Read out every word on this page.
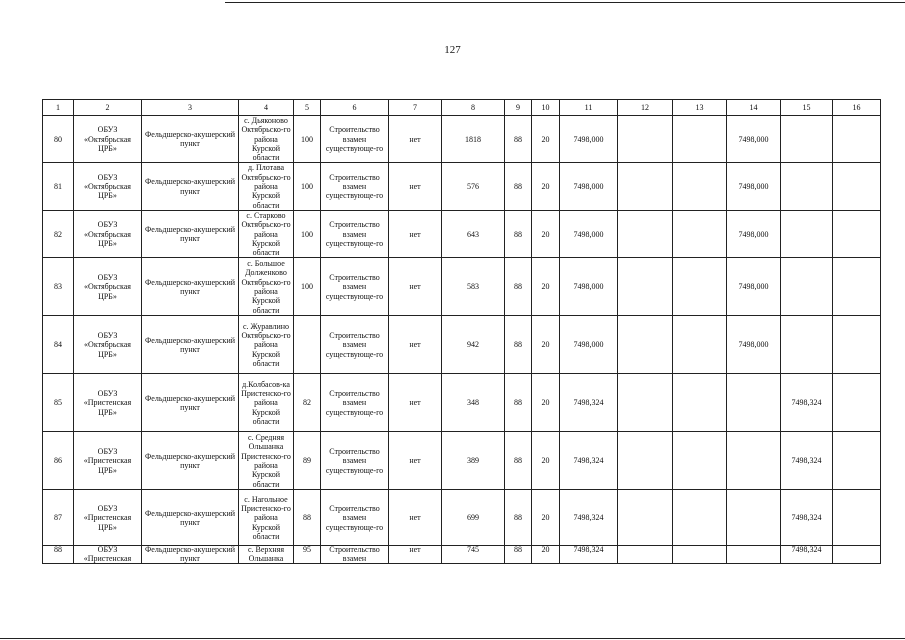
127
1	2	3	4	5	6	7	8	9	10	11	12	13	14	15	16
80	ОБУЗ «Октябрьская ЦРБ»	Фельдшерско-акушерский пункт	с. Дьяконово Октябрьско-го района Курской области	100	Строительство взамен существующе-го	нет	1818	88	20	7498,000			7498,000		
81	ОБУЗ «Октябрьская ЦРБ»	Фельдшерско-акушерский пункт	д. Плотава Октябрьско-го района Курской области	100	Строительство взамен существующе-го	нет	576	88	20	7498,000			7498,000		
82	ОБУЗ «Октябрьская ЦРБ»	Фельдшерско-акушерский пункт	с. Старково Октябрьско-го района Курской области	100	Строительство взамен существующе-го	нет	643	88	20	7498,000			7498,000		
83	ОБУЗ «Октябрьская ЦРБ»	Фельдшерско-акушерский пункт	с. Большое Долженково Октябрьско-го района Курской области	100	Строительство взамен существующе-го	нет	583	88	20	7498,000			7498,000		
84	ОБУЗ «Октябрьская ЦРБ»	Фельдшерско-акушерский пункт	с. Журавлино Октябрьско-го района Курской области		Строительство взамен существующе-го	нет	942	88	20	7498,000			7498,000		
85	ОБУЗ «Пристенская ЦРБ»	Фельдшерско-акушерский пункт	д.Колбасов-ка Пристенско-го района Курской области	82	Строительство взамен существующе-го	нет	348	88	20	7498,324				7498,324	
86	ОБУЗ «Пристенская ЦРБ»	Фельдшерско-акушерский пункт	с. Средняя Ольшанка Пристенско-го района Курской области	89	Строительство взамен существующе-го	нет	389	88	20	7498,324				7498,324	
87	ОБУЗ «Пристенская ЦРБ»	Фельдшерско-акушерский пункт	с. Нагольное Пристенско-го района Курской области	88	Строительство взамен существующе-го	нет	699	88	20	7498,324				7498,324	
88	ОБУЗ «Пристенская	Фельдшерско-акушерский пункт	с. Верхняя Ольшанка	95	Строительство взамен	нет	745	88	20	7498,324				7498,324	
